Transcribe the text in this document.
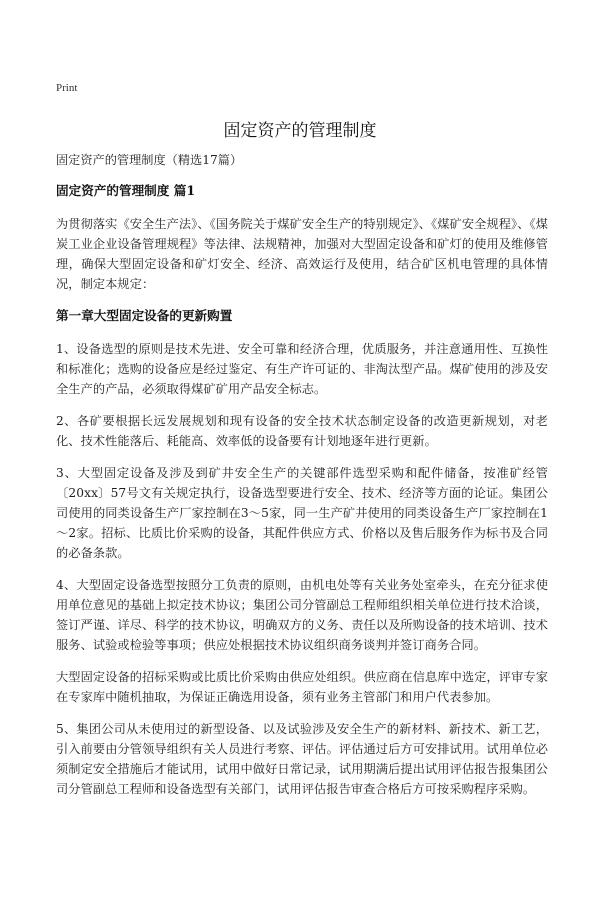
Print
固定资产的管理制度

固定资产的管理制度（精选17篇）

固定资产的管理制度 篇1

为贯彻落实《安全生产法》、《国务院关于煤矿安全生产的特别规定》、《煤矿安全规程》、《煤炭工业企业设备管理规程》等法律、法规精神，加强对大型固定设备和矿灯的使用及维修管理，确保大型固定设备和矿灯安全、经济、高效运行及使用，结合矿区机电管理的具体情况，制定本规定：

第一章大型固定设备的更新购置

1、设备选型的原则是技术先进、安全可靠和经济合理，优质服务，并注意通用性、互换性和标准化；选购的设备应是经过鉴定、有生产许可证的、非淘汰型产品。煤矿使用的涉及安全生产的产品，必须取得煤矿矿用产品安全标志。

2、各矿要根据长远发展规划和现有设备的安全技术状态制定设备的改造更新规划，对老化、技术性能落后、耗能高、效率低的设备要有计划地逐年进行更新。

3、大型固定设备及涉及到矿井安全生产的关键部件选型采购和配件储备，按准矿经管〔20xx〕57号文有关规定执行，设备选型要进行安全、技术、经济等方面的论证。集团公司使用的同类设备生产厂家控制在3～5家，同一生产矿井使用的同类设备生产厂家控制在1～2家。招标、比质比价采购的设备，其配件供应方式、价格以及售后服务作为标书及合同的必备条款。

4、大型固定设备选型按照分工负责的原则，由机电处等有关业务处室牵头，在充分征求使用单位意见的基础上拟定技术协议；集团公司分管副总工程师组织相关单位进行技术洽谈，签订严谨、详尽、科学的技术协议，明确双方的义务、责任以及所购设备的技术培训、技术服务、试验或检验等事项；供应处根据技术协议组织商务谈判并签订商务合同。

大型固定设备的招标采购或比质比价采购由供应处组织。供应商在信息库中选定，评审专家在专家库中随机抽取，为保证正确选用设备，须有业务主管部门和用户代表参加。

5、集团公司从未使用过的新型设备、以及试验涉及安全生产的新材料、新技术、新工艺，引入前要由分管领导组织有关人员进行考察、评估。评估通过后方可安排试用。试用单位必须制定安全措施后才能试用，试用中做好日常记录，试用期满后提出试用评估报告报集团公司分管副总工程师和设备选型有关部门，试用评估报告审查合格后方可按采购程序采购。
